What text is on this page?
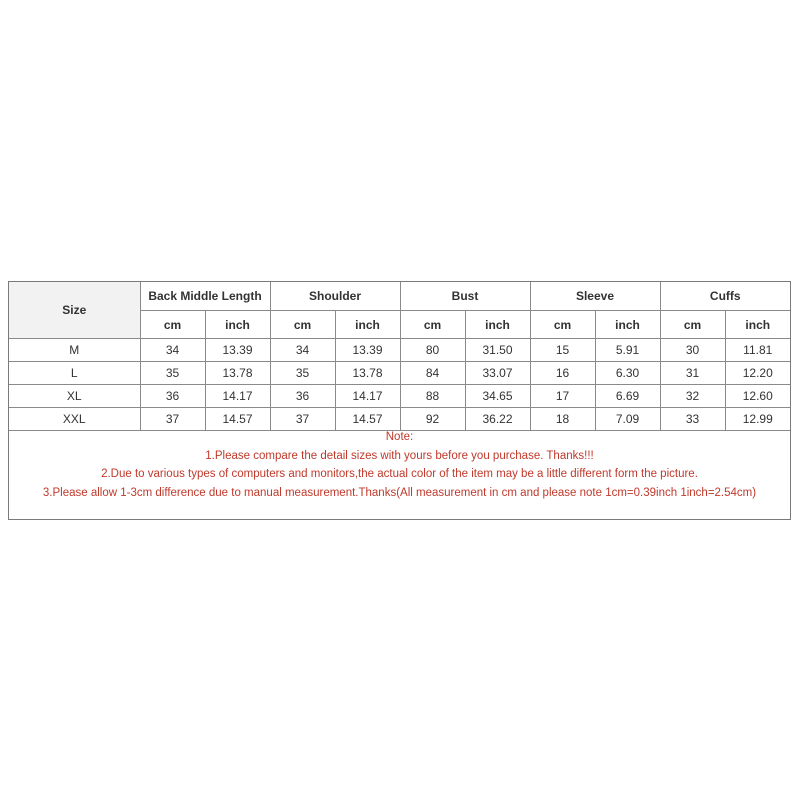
Size	Back Middle Length		Shoulder		Bust		Sleeve		Cuffs	
	cm	inch	cm	inch	cm	inch	cm	inch	cm	inch
M	34	13.39	34	13.39	80	31.50	15	5.91	30	11.81
L	35	13.78	35	13.78	84	33.07	16	6.30	31	12.20
XL	36	14.17	36	14.17	88	34.65	17	6.69	32	12.60
XXL	37	14.57	37	14.57	92	36.22	18	7.09	33	12.99
Note:
1.Please compare the detail sizes with yours before you purchase. Thanks!!!
2.Due to various types of computers and monitors,the actual color of the item may be a little different form the picture.
3.Please allow 1-3cm difference due to manual measurement.Thanks(All measurement in cm and please note 1cm=0.39inch 1inch=2.54cm)
